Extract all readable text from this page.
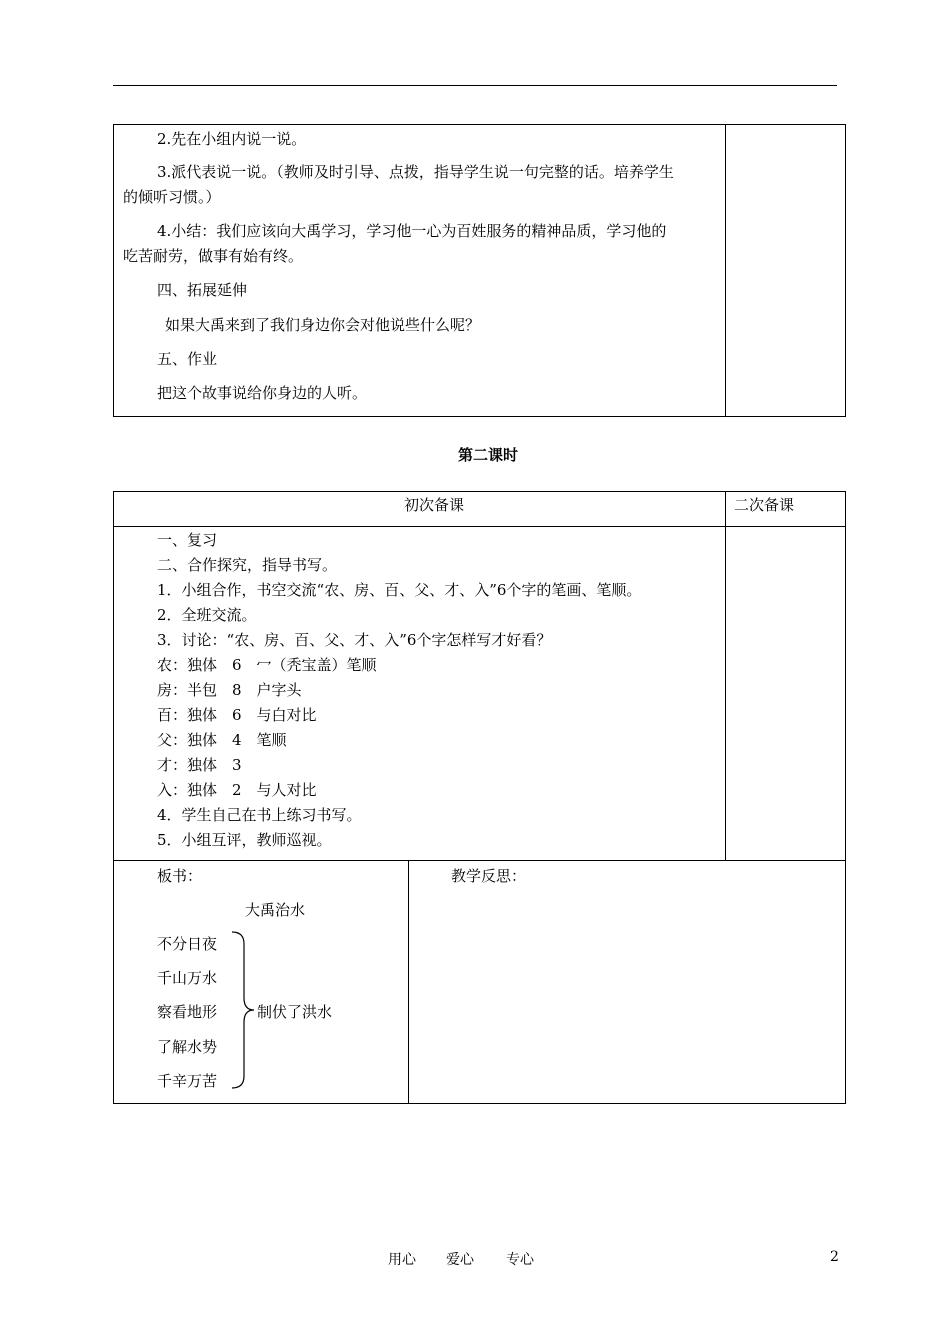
2.先在小组内说一说。
3.派代表说一说。（教师及时引导、点拨，指导学生说一句完整的话。培养学生
的倾听习惯。）
4.小结：我们应该向大禹学习，学习他一心为百姓服务的精神品质，学习他的
吃苦耐劳，做事有始有终。
四、拓展延伸
如果大禹来到了我们身边你会对他说些什么呢？
五、作业
把这个故事说给你身边的人听。
第二课时
初次备课	二次备课
一、复习
二、合作探究，指导书写。
1．小组合作，书空交流“农、房、百、父、才、入”6个字的笔画、笔顺。
2．全班交流。
3．讨论：“农、房、百、父、才、入”6个字怎样写才好看？
农：独体　6　冖（秃宝盖）笔顺
房：半包　8　户字头
百：独体　6　与白对比
父：独体　4　笔顺
才：独体　3
入：独体　2　与人对比
4．学生自己在书上练习书写。
5．小组互评，教师巡视。
板书：
大禹治水
不分日夜
千山万水
察看地形
了解水势
千辛万苦
制伏了洪水
教学反思：
用心 爱心 专心	2
